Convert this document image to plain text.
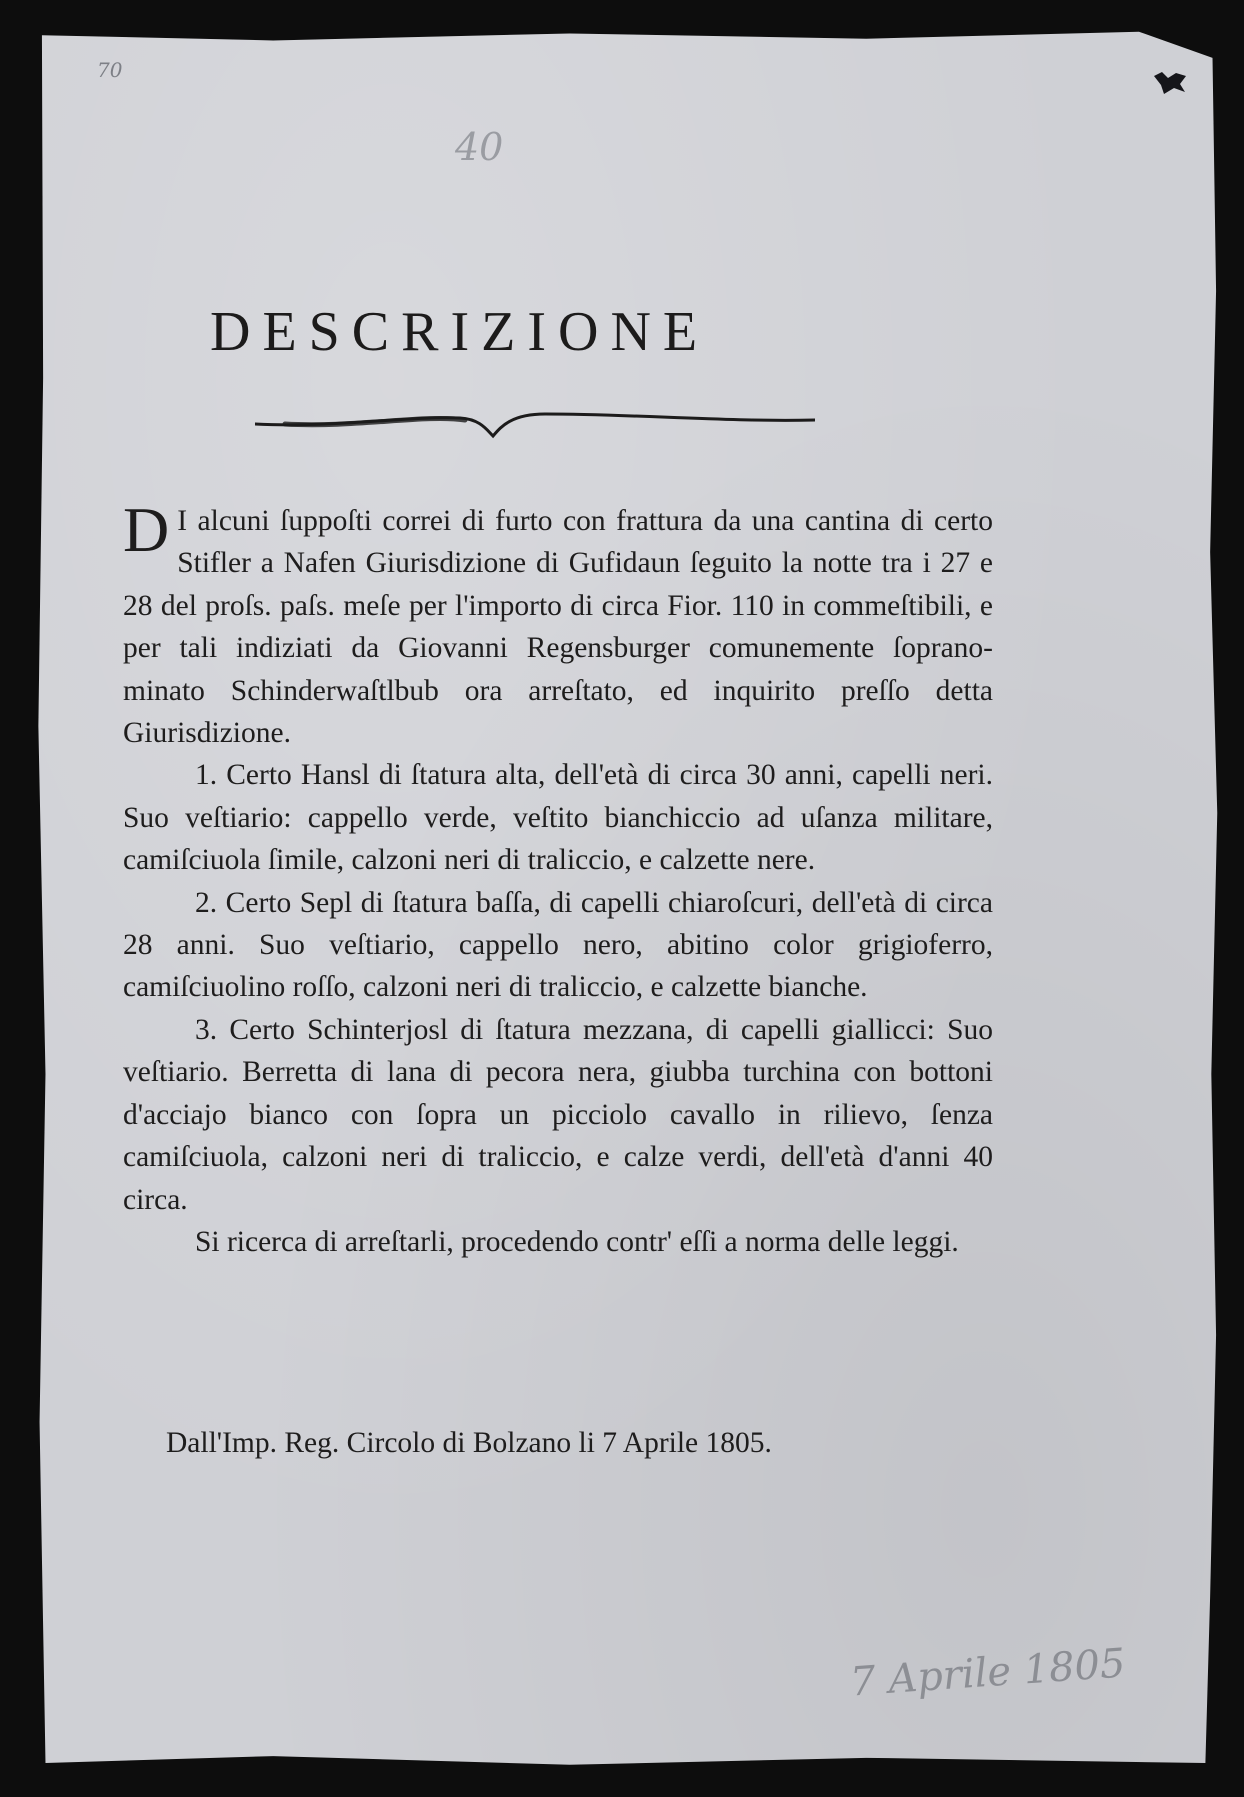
70
40
DESCRIZIONE

D I alcuni ſuppoſti correi di furto con frattura da una cantina di certo Stifler a Nafen Giurisdizione di Gufidaun ſeguito la notte tra i 27 e 28 del proſs. paſs. meſe per l'importo di circa Fior. 110 in commeſtibili, e per tali indiziati da Giovanni Regensburger comunemente ſoprano-minato Schinderwaſtlbub ora arreſtato, ed inquirito preſſo detta Giurisdizione.

1. Certo Hansl di ſtatura alta, dell'età di circa 30 anni, capelli neri. Suo veſtiario: cappello verde, veſtito bianchiccio ad uſanza militare, camiſciuola ſimile, calzoni neri di traliccio, e calzette nere.

2. Certo Sepl di ſtatura baſſa, di capelli chiaroſcuri, dell'età di circa 28 anni. Suo veſtiario, cappello nero, abitino color grigioferro, camiſciuolino roſſo, calzoni neri di traliccio, e calzette bianche.

3. Certo Schinterjosl di ſtatura mezzana, di capelli giallicci: Suo veſtiario. Berretta di lana di pecora nera, giubba turchina con bottoni d'acciajo bianco con ſopra un picciolo cavallo in rilievo, ſenza camiſciuola, calzoni neri di traliccio, e calze verdi, dell'età d'anni 40 circa.

Si ricerca di arreſtarli, procedendo contr' eſſi a norma delle leggi.

Dall'Imp. Reg. Circolo di Bolzano li 7 Aprile 1805.
7 Aprile 1805
